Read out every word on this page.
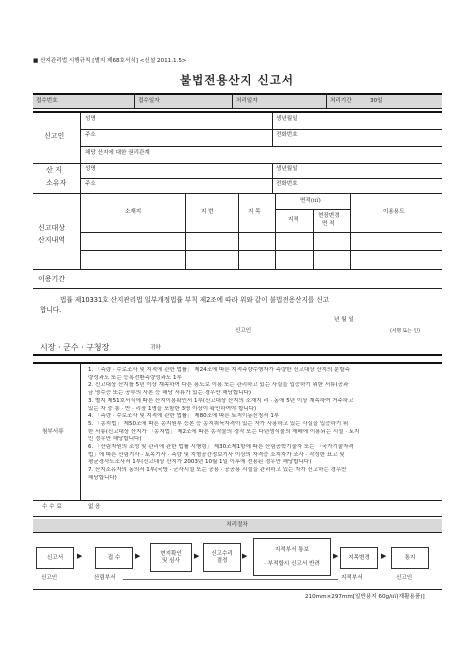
■ 산지관리법 시행규칙 [별지 제68호서식] <신설 2011.1.5>
불법전용산지 신고서
접수번호	접수일자	처리일자	처리기간	30일
신고인
성명	생년월일
주소	전화번호
해당 산지에 대한 권리관계
산 지
소유자
성명	생년월일
주소	전화번호
신고대상
산지내역
소재지	지 번	지 목
면적(㎡)
지적
현장변경
면 적
이용용도
이용기간
법률 제10331호 산지관리법 일부개정법률 부칙 제2조에 따라 위와 같이 불법전용산지를 신고
합니다.
년 월 일
신고인	(서명 또는 인)
시장 · 군수 · 구청장	귀하
첨부서류
1. 「측량 · 수로조사 및 지적에 관한 법률」 제24조에 따른 지적측량수행자가 측량한 신고대상 산지의 분할측
량성과도 또는 등록전환측량성과도 1부
2. 신고대상 산지를 5년 이상 계속하여 다른 용도로 이용 또는 관리하고 있는 사실을 입증하기 위한 서류(공과
금 영수증 또는 공부의 사본 등 해당 서류가 있는 경우만 해당합니다)
3. 별지 제51호서식에 따른 산지이용확인서 1부(신고대상 산지의 소재지 리 · 동에 5년 이상 계속하여 거주하고
있는 자 중 통 · 반 · 리장 1명을 포함한 3명 이상이 확인하여야 합니다)
4. 「측량 · 수로조사 및 지적에 관한 법률」 제80조에 따른 토지이동신청서 1부
5. 「농지법」 제50조에 따른 농지원부 등본 등 농지취득자격이 있는 자가 사용하고 있는 사실을 입증하기 위
한 서류(신고대상 산지가 「농지법」 제2조에 따른 농작물의 경작 또는 다년생식물의 재배에 이용되는 시설 · 토지
인 경우만 해당합니다)
6. 「산림자원의 조성 및 관리에 관한 법률 시행령」 제30조제1항에 따른 산림공학기술자 또는 「국가기술자격
법」에 따른 산림기사 · 토목기사 · 측량 및 지형공간정보기사 이상의 자격증 소지자가 조사 · 작성한 표고 및
평균경사도조사서 1부(신고대상 산지가 2003년 10월 1일 이후에 전용된 경우만 해당합니다)
7. 산지소유자의 동의서 1부(국방 · 군사시설 또는 공용 · 공공용 시설을 관리하고 있는 자가 신고하는 경우만
해당합니다)
수 수 료	없 음
처리절차
신고서	▶	접 수	▶	현지확인
및 심사
▶	신고수리
결정
▶
지적부서 통보

· 부적합시 신고서 반려
▶	지목변경	▶	통지
신고인	산림부서	지적부서	신고인
210mm×297mm[일반용지 60g/㎡(재활용품)]
